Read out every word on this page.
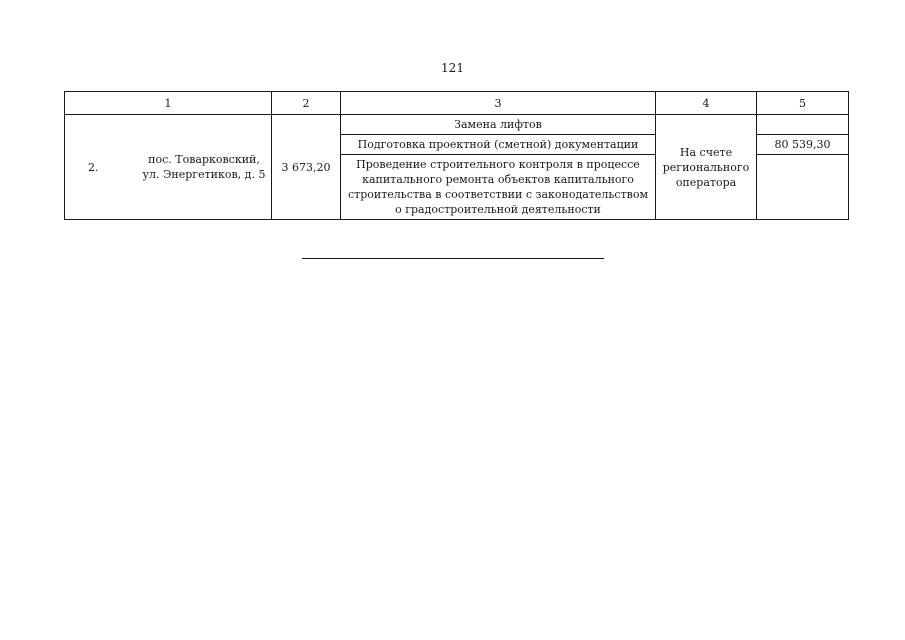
121
1	2	3	4	5

2.
пос. Товарковский,
ул. Энергетиков, д. 5	3 673,20	Замена лифтов	На счете регионального оператора	
		Подготовка проектной (сметной) документации		80 539,30
		Проведение строительного контроля в процессе капитального ремонта объектов капитального строительства в соответствии с законодательством о градостроительной деятельности		
